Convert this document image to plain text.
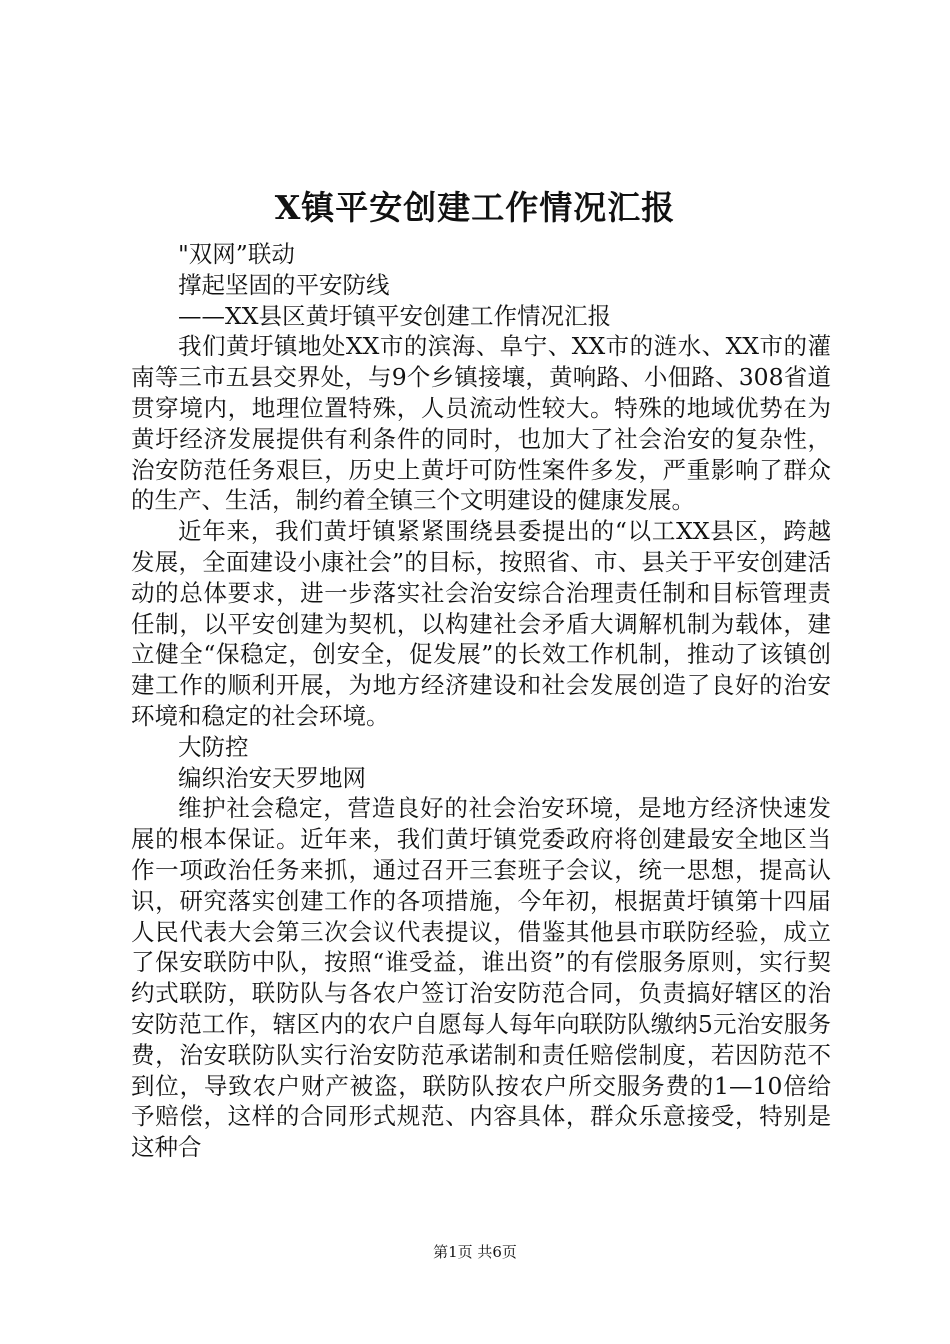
X镇平安创建工作情况汇报

"双网”联动

撑起坚固的平安防线

——XX县区黄圩镇平安创建工作情况汇报

我们黄圩镇地处XX市的滨海、阜宁、XX市的涟水、XX市的灌南等三市五县交界处，与9个乡镇接壤，黄响路、小佃路、308省道贯穿境内，地理位置特殊，人员流动性较大。特殊的地域优势在为黄圩经济发展提供有利条件的同时，也加大了社会治安的复杂性，治安防范任务艰巨，历史上黄圩可防性案件多发，严重影响了群众的生产、生活，制约着全镇三个文明建设的健康发展。

近年来，我们黄圩镇紧紧围绕县委提出的“以工XX县区，跨越发展，全面建设小康社会”的目标，按照省、市、县关于平安创建活动的总体要求，进一步落实社会治安综合治理责任制和目标管理责任制，以平安创建为契机，以构建社会矛盾大调解机制为载体，建立健全“保稳定，创安全，促发展”的长效工作机制，推动了该镇创建工作的顺利开展，为地方经济建设和社会发展创造了良好的治安环境和稳定的社会环境。

大防控

编织治安天罗地网

维护社会稳定，营造良好的社会治安环境，是地方经济快速发展的根本保证。近年来，我们黄圩镇党委政府将创建最安全地区当作一项政治任务来抓，通过召开三套班子会议，统一思想，提高认识，研究落实创建工作的各项措施，今年初，根据黄圩镇第十四届人民代表大会第三次会议代表提议，借鉴其他县市联防经验，成立了保安联防中队，按照“谁受益，谁出资”的有偿服务原则，实行契约式联防，联防队与各农户签订治安防范合同，负责搞好辖区的治安防范工作，辖区内的农户自愿每人每年向联防队缴纳5元治安服务费，治安联防队实行治安防范承诺制和责任赔偿制度，若因防范不到位，导致农户财产被盗，联防队按农户所交服务费的1—10倍给予赔偿，这样的合同形式规范、内容具体，群众乐意接受，特别是这种合

第1页 共6页
